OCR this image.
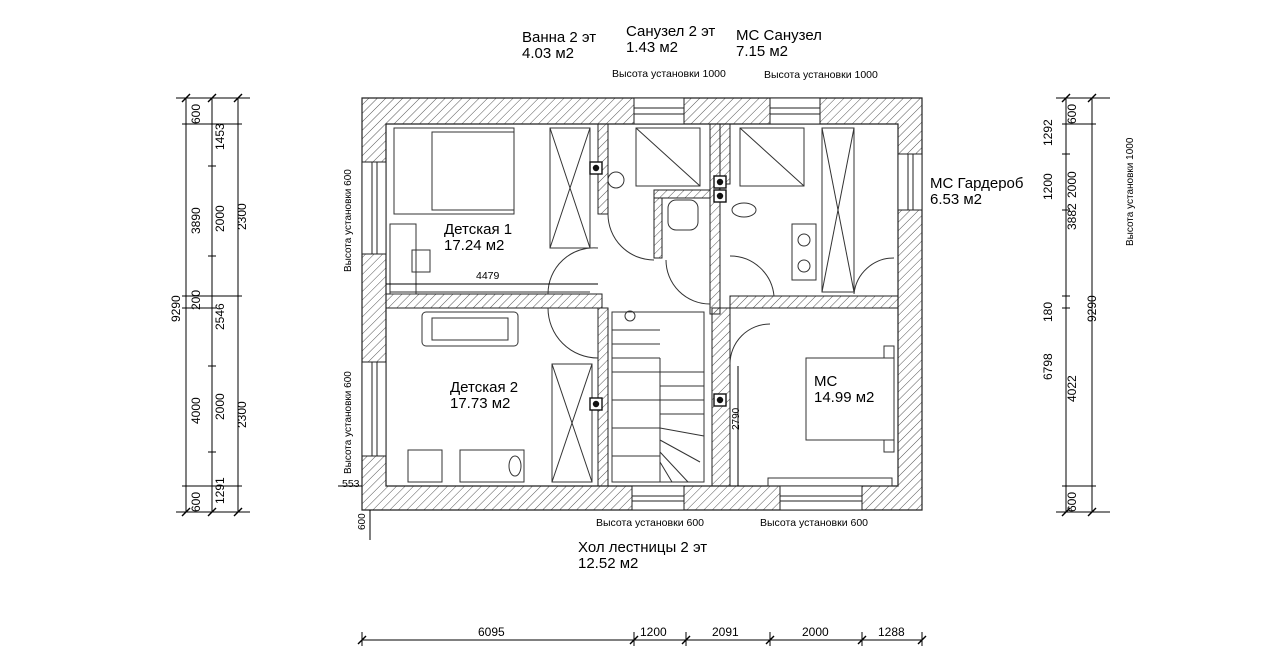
Ванна 2 эт
4.03 м2
Санузел 2 эт
1.43 м2
МС Санузел
7.15 м2
МС Гардероб
6.53 м2
Детская 1
17.24 м2
Детская 2
17.73 м2
МС
14.99 м2
Хол лестницы 2 эт
12.52 м2
Высота установки 1000	Высота установки 1000
Высота установки 600	Высота установки 600
Высота установки 600
Высота установки 600
Высота установки 1000
9290
600
3890
200
4000
600
1453
2000
2546
2000
1291
2300
2300
1292
1200
180
6798
600
2000
3882
4022
600
9290
6095	1200	2091	2000	1288
4479
553
600
2790
